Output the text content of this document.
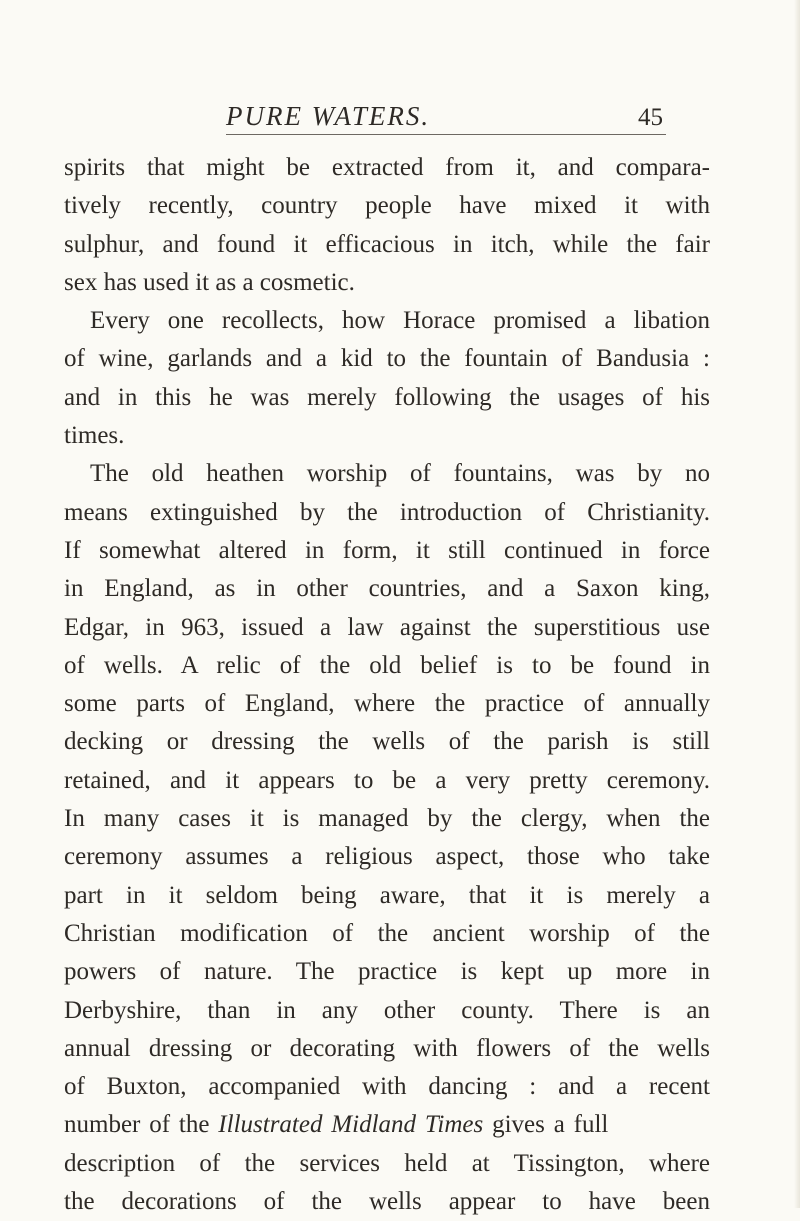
PURE WATERS.	45
spirits that might be extracted from it, and compara-
tively recently, country people have mixed it with
sulphur, and found it efficacious in itch, while the fair
sex has used it as a cosmetic.
Every one recollects, how Horace promised a libation
of wine, garlands and a kid to the fountain of Bandusia :
and in this he was merely following the usages of his
times.
The old heathen worship of fountains, was by no
means extinguished by the introduction of Christianity.
If somewhat altered in form, it still continued in force
in England, as in other countries, and a Saxon king,
Edgar, in 963, issued a law against the superstitious use
of wells. A relic of the old belief is to be found in
some parts of England, where the practice of annually
decking or dressing the wells of the parish is still
retained, and it appears to be a very pretty ceremony.
In many cases it is managed by the clergy, when the
ceremony assumes a religious aspect, those who take
part in it seldom being aware, that it is merely a
Christian modification of the ancient worship of the
powers of nature. The practice is kept up more in
Derbyshire, than in any other county. There is an
annual dressing or decorating with flowers of the wells
of Buxton, accompanied with dancing : and a recent
number of the Illustrated Midland Times gives a full
description of the services held at Tissington, where
the decorations of the wells appear to have been
